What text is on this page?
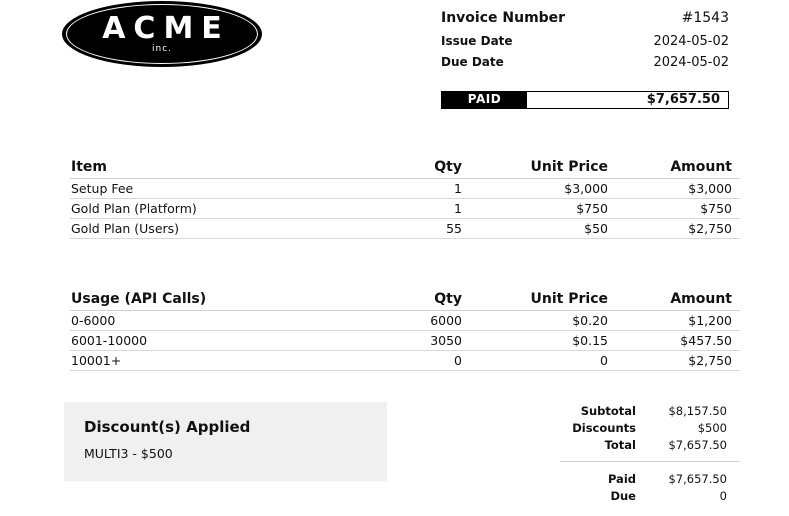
ACME
inc.
Invoice Number	#1543
Issue Date	2024-05-02
Due Date	2024-05-02
PAID	$7,657.50
Item	Qty	Unit Price	Amount
Setup Fee	1	$3,000	$3,000
Gold Plan (Platform)	1	$750	$750
Gold Plan (Users)	55	$50	$2,750
Usage (API Calls)	Qty	Unit Price	Amount
0-6000	6000	$0.20	$1,200
6001-10000	3050	$0.15	$457.50
10001+	0	0	$2,750
Discount(s) Applied
MULTI3 - $500
Subtotal	$8,157.50
Discounts	$500
Total	$7,657.50
Paid	$7,657.50
Due	0
